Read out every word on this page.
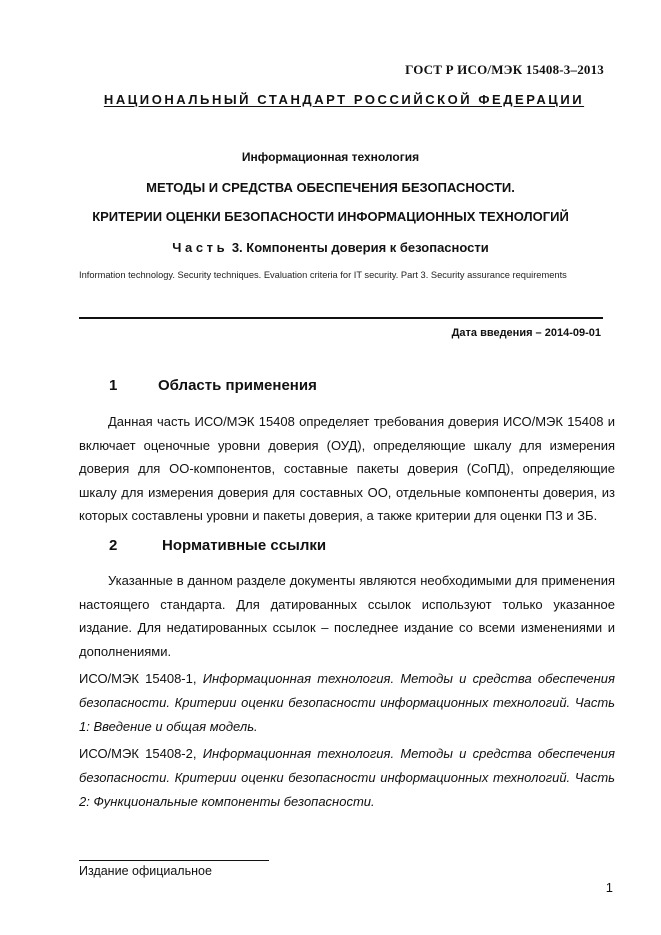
ГОСТ Р ИСО/МЭК 15408-3–2013
НАЦИОНАЛЬНЫЙ СТАНДАРТ РОССИЙСКОЙ ФЕДЕРАЦИИ
Информационная технология
МЕТОДЫ И СРЕДСТВА ОБЕСПЕЧЕНИЯ БЕЗОПАСНОСТИ.
КРИТЕРИИ ОЦЕНКИ БЕЗОПАСНОСТИ ИНФОРМАЦИОННЫХ ТЕХНОЛОГИЙ
Часть 3. Компоненты доверия к безопасности
Information technology. Security techniques. Evaluation criteria for IT security. Part 3. Security assurance requirements
Дата введения – 2014-09-01
1	Область применения
Данная часть ИСО/МЭК 15408 определяет требования доверия ИСО/МЭК 15408 и включает оценочные уровни доверия (ОУД), определяющие шкалу для измерения доверия для ОО-компонентов, составные пакеты доверия (СоПД), определяющие шкалу для измерения доверия для составных ОО, отдельные компоненты доверия, из которых составлены уровни и пакеты доверия, а также критерии для оценки ПЗ и ЗБ.
2	Нормативные ссылки
Указанные в данном разделе документы являются необходимыми для применения настоящего стандарта. Для датированных ссылок используют только указанное издание. Для недатированных ссылок – последнее издание со всеми изменениями и дополнениями.
ИСО/МЭК 15408-1, Информационная технология. Методы и средства обеспечения безопасности. Критерии оценки безопасности информационных технологий. Часть 1: Введение и общая модель.
ИСО/МЭК 15408-2, Информационная технология. Методы и средства обеспечения безопасности. Критерии оценки безопасности информационных технологий. Часть 2: Функциональные компоненты безопасности.
Издание официальное
1
